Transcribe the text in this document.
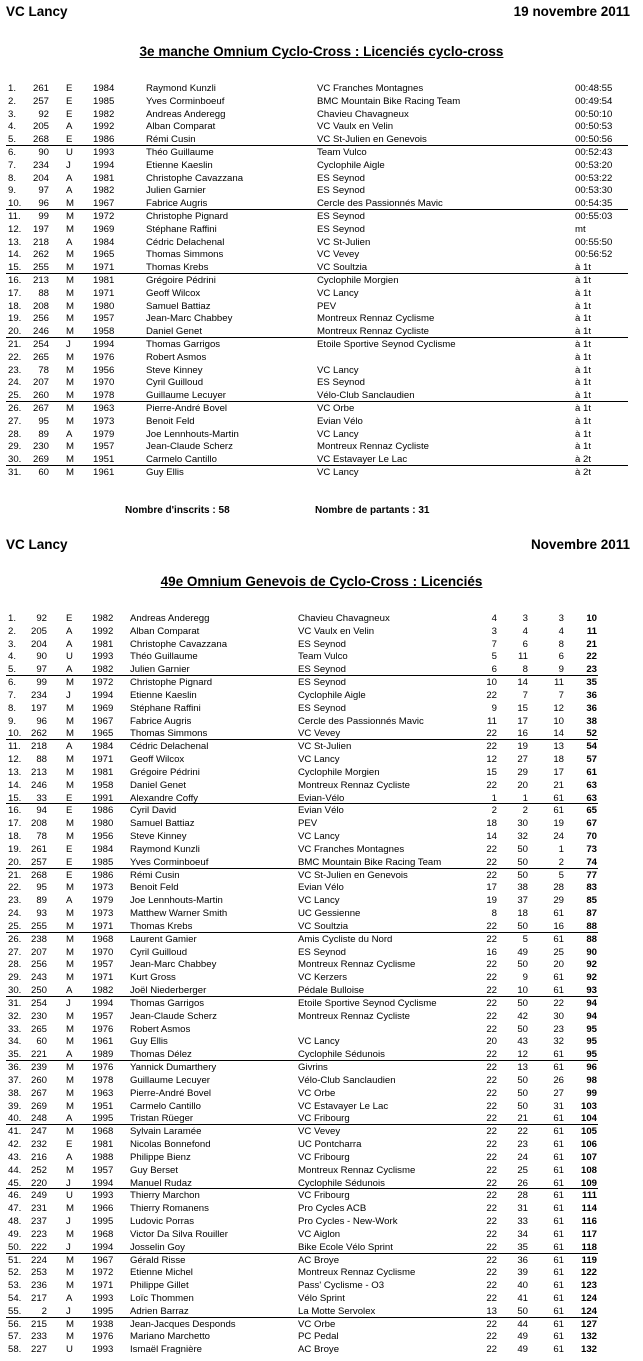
VC Lancy	19 novembre 2011
3e manche Omnium Cyclo-Cross : Licenciés cyclo-cross
1. 261 E 1984	Raymond Kunzli	VC Franches Montagnes	00:48:55
2. 257 E 1985	Yves Corminboeuf	BMC Mountain Bike Racing Team	00:49:54
3. 92 E 1982	Andreas Anderegg	Chavieu Chavagneux	00:50:10
4. 205 A 1992	Alban Comparat	VC Vaulx en Velin	00:50:53
5. 268 E 1986	Rémi Cusin	VC St-Julien en Genevois	00:50:56
6. 90 U 1993	Théo Guillaume	Team Vulco	00:52:43
7. 234 J 1994	Etienne Kaeslin	Cyclophile Aigle	00:53:20
8. 204 A 1981	Christophe Cavazzana	ES Seynod	00:53:22
9. 97 A 1982	Julien Garnier	ES Seynod	00:53:30
10. 96 M 1967	Fabrice Augris	Cercle des Passionnés Mavic	00:54:35
11. 99 M 1972	Christophe Pignard	ES Seynod	00:55:03
12. 197 M 1969	Stéphane Raffini	ES Seynod	mt
13. 218 A 1984	Cédric Delachenal	VC St-Julien	00:55:50
14. 262 M 1965	Thomas Simmons	VC Vevey	00:56:52
15. 255 M 1971	Thomas Krebs	VC Soultzia	à 1t
16. 213 M 1981	Grégoire Pédrini	Cyclophile Morgien	à 1t
17. 88 M 1971	Geoff Wilcox	VC Lancy	à 1t
18. 208 M 1980	Samuel Battiaz	PEV	à 1t
19. 256 M 1957	Jean-Marc Chabbey	Montreux Rennaz Cyclisme	à 1t
20. 246 M 1958	Daniel Genet	Montreux Rennaz Cycliste	à 1t
21. 254 J 1994	Thomas Garrigos	Etoile Sportive Seynod Cyclisme	à 1t
22. 265 M 1976	Robert Asmos	à 1t
23. 78 M 1956	Steve Kinney	VC Lancy	à 1t
24. 207 M 1970	Cyril Guilloud	ES Seynod	à 1t
25. 260 M 1978	Guillaume Lecuyer	Vélo-Club Sanclaudien	à 1t
26. 267 M 1963	Pierre-André Bovel	VC Orbe	à 1t
27. 95 M 1973	Benoit Feld	Evian Vélo	à 1t
28. 89 A 1979	Joe Lennhouts-Martin	VC Lancy	à 1t
29. 230 M 1957	Jean-Claude Scherz	Montreux Rennaz Cycliste	à 1t
30. 269 M 1951	Carmelo Cantillo	VC Estavayer Le Lac	à 2t
31. 60 M 1961	Guy Ellis	VC Lancy	à 2t
Nombre d'inscrits : 58	Nombre de partants : 31
VC Lancy	Novembre 2011
49e Omnium Genevois de Cyclo-Cross : Licenciés
1. 92 E 1982 Andreas Anderegg	Chavieu Chavagneux	4	3	3 10
2. 205 A 1992 Alban Comparat	VC Vaulx en Velin	3	4	4 11
3. 204 A 1981 Christophe Cavazzana	ES Seynod	7	6	8 21
4. 90 U 1993 Théo Guillaume	Team Vulco	5 11	6 22
5. 97 A 1982 Julien Garnier	ES Seynod	6	8	9 23
6. 99 M 1972 Christophe Pignard	ES Seynod	10 14	11 35
7. 234 J 1994 Etienne Kaeslin	Cyclophile Aigle	22	7	7 36
8. 197 M 1969 Stéphane Raffini	ES Seynod	9 15	12 36
9. 96 M 1967 Fabrice Augris	Cercle des Passionnés Mavic	11 17	10 38
10. 262 M 1965 Thomas Simmons	VC Vevey	22 16	14 52
11. 218 A 1984 Cédric Delachenal	VC St-Julien	22 19	13 54
12. 88 M 1971 Geoff Wilcox	VC Lancy	12 27	18 57
13. 213 M 1981 Grégoire Pédrini	Cyclophile Morgien	15 29	17 61
14. 246 M 1958 Daniel Genet	Montreux Rennaz Cycliste	22 20	21 63
15. 33 E 1991 Alexandre Coffy	Evian-Vélo	1	1	61 63
16. 94 E 1986 Cyril David	Evian Vélo	2	2	61 65
17. 208 M 1980 Samuel Battiaz	PEV	18 30	19 67
18. 78 M 1956 Steve Kinney	VC Lancy	14 32	24 70
19. 261 E 1984 Raymond Kunzli	VC Franches Montagnes	22 50	1 73
20. 257 E 1985 Yves Corminboeuf	BMC Mountain Bike Racing Team	22 50	2 74
21. 268 E 1986 Rémi Cusin	VC St-Julien en Genevois	22 50	5 77
22. 95 M 1973 Benoit Feld	Evian Vélo	17 38	28 83
23. 89 A 1979 Joe Lennhouts-Martin	VC Lancy	19 37	29 85
24. 93 M 1973 Matthew Warner Smith	UC Gessienne	8 18	61 87
25. 255 M 1971 Thomas Krebs	VC Soultzia	22 50	16 88
26. 238 M 1968 Laurent Gamier	Amis Cycliste du Nord	22	5	61 88
27. 207 M 1970 Cyril Guilloud	ES Seynod	16 49	25 90
28. 256 M 1957 Jean-Marc Chabbey	Montreux Rennaz Cyclisme	22 50	20 92
29. 243 M 1971 Kurt Gross	VC Kerzers	22	9	61 92
30. 250 A 1982 Joël Niederberger	Pédale Bulloise	22 10	61 93
31. 254 J 1994 Thomas Garrigos	Etoile Sportive Seynod Cyclisme	22 50	22 94
32. 230 M 1957 Jean-Claude Scherz	Montreux Rennaz Cycliste	22 42	30 94
33. 265 M 1976 Robert Asmos	22 50	23 95
34. 60 M 1961 Guy Ellis	VC Lancy	20 43	32 95
35. 221 A 1989 Thomas Délez	Cyclophile Sédunois	22 12	61 95
36. 239 M 1976 Yannick Dumarthery	Givrins	22 13	61 96
37. 260 M 1978 Guillaume Lecuyer	Vélo-Club Sanclaudien	22 50	26 98
38. 267 M 1963 Pierre-André Bovel	VC Orbe	22 50	27 99
39. 269 M 1951 Carmelo Cantillo	VC Estavayer Le Lac	22 50	31 103
40. 248 A 1995 Tristan Rüeger	VC Fribourg	22 21	61 104
41. 247 M 1968 Sylvain Laramée	VC Vevey	22 22	61 105
42. 232 E 1981 Nicolas Bonnefond	UC Pontcharra	22 23	61 106
43. 216 A 1988 Philippe Bienz	VC Fribourg	22 24	61 107
44. 252 M 1957 Guy Berset	Montreux Rennaz Cyclisme	22 25	61 108
45. 220 J 1994 Manuel Rudaz	Cyclophile Sédunois	22 26	61 109
46. 249 U 1993 Thierry Marchon	VC Fribourg	22 28	61 111
47. 231 M 1966 Thierry Romanens	Pro Cycles ACB	22 31	61 114
48. 237 J 1995 Ludovic Porras	Pro Cycles - New-Work	22 33	61 116
49. 223 M 1968 Victor Da Silva Rouiller	VC Aiglon	22 34	61 117
50. 222 J 1994 Josselin Goy	Bike Ecole Vélo Sprint	22 35	61 118
51. 224 M 1967 Gérald Risse	AC Broye	22 36	61 119
52. 253 M 1972 Etienne Michel	Montreux Rennaz Cyclisme	22 39	61 122
53. 236 M 1971 Philippe Gillet	Pass' Cyclisme - O3	22 40	61 123
54. 217 A 1993 Loïc Thommen	Vélo Sprint	22 41	61 124
55. 2 J 1995 Adrien Barraz	La Motte Servolex	13 50	61 124
56. 215 M 1938 Jean-Jacques Desponds	VC Orbe	22 44	61 127
57. 233 M 1976 Mariano Marchetto	PC Pedal	22 49	61 132
58. 227 U 1993 Ismaël Fragnière	AC Broye	22 49	61 132
